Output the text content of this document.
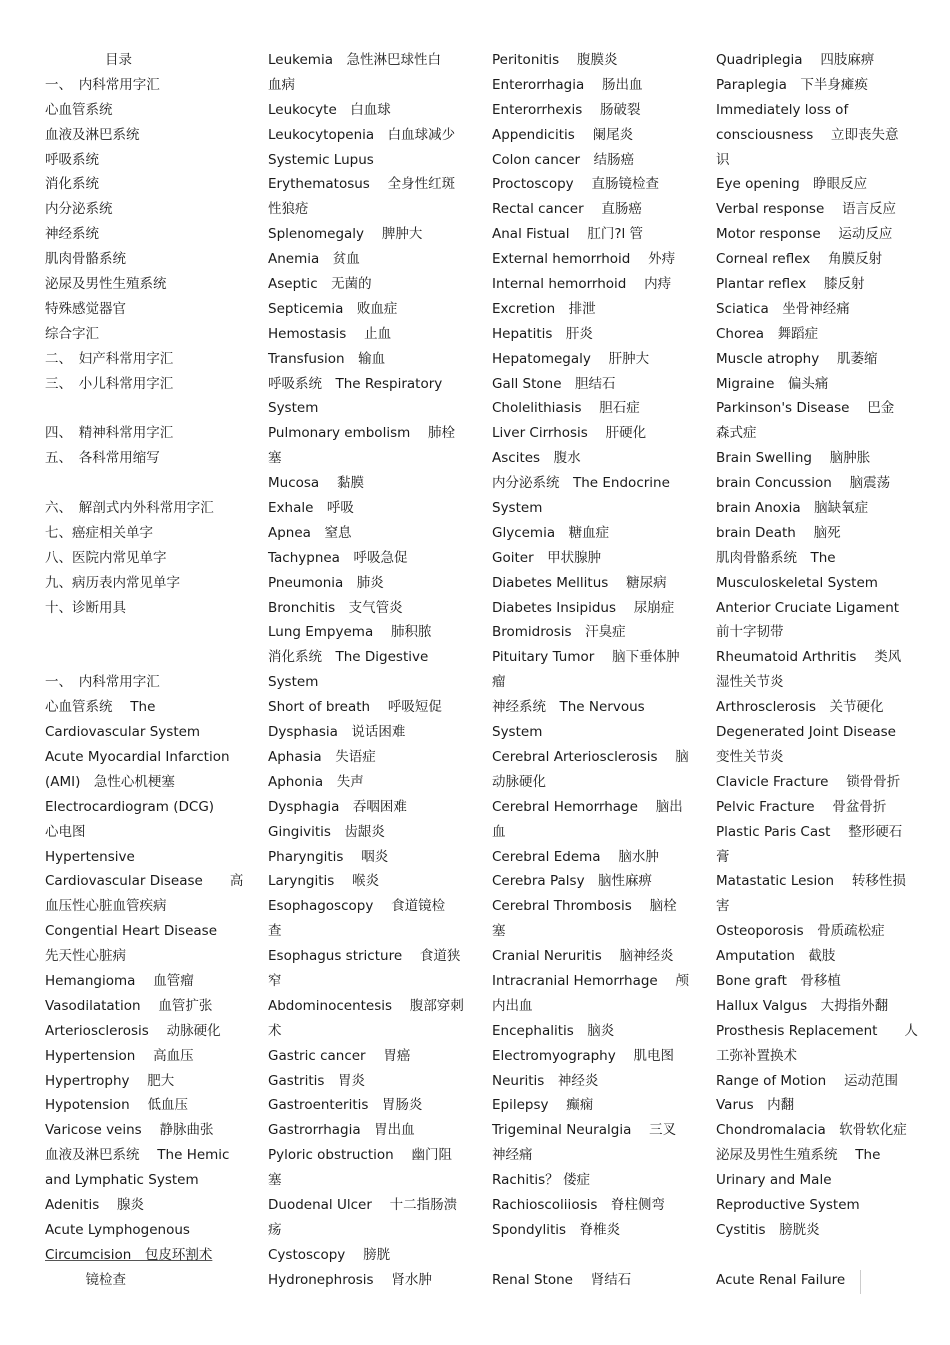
目录
一、　内科常用字汇
心血管系统
血液及淋巴系统
呼吸系统
消化系统
内分泌系统
神经系统
肌肉骨骼系统
泌尿及男性生殖系统
特殊感觉器官
综合字汇
二、　妇产科常用字汇
三、　小儿科常用字汇
四、　精神科常用字汇
五、　各科常用缩写
六、　解剖式内外科常用字汇
七、癌症相关单字
八、医院内常见单字
九、病历表内常见单字
十、诊断用具
一、　内科常用字汇
心血管系统　 The
Cardiovascular System
Acute Myocardial Infarction
(AMI)　急性心机梗塞
Electrocardiogram (DCG)
心电图
Hypertensive
Cardiovascular Disease　　高
血压性心脏血管疾病
Congential Heart Disease
先天性心脏病
Hemangioma　 血管瘤
Vasodilatation　 血管扩张
Arteriosclerosis　 动脉硬化
Hypertension　 高血压
Hypertrophy　 肥大
Hypotension　 低血压
Varicose veins　 静脉曲张
血液及淋巴系统　 The Hemic
and Lymphatic System
Adenitis　 腺炎
Acute Lymphogenous
Circumcision　包皮环割术
Leukemia　急性淋巴球性白
血病
Leukocyte　白血球
Leukocytopenia　白血球减少
Systemic Lupus
Erythematosus　 全身性红斑
性狼疮
Splenomegaly　 脾肿大
Anemia　贫血
Aseptic　无菌的
Septicemia　败血症
Hemostasis　 止血
Transfusion　输血
呼吸系统　The Respiratory
System
Pulmonary embolism　 肺栓
塞
Mucosa　 黏膜
Exhale　呼吸
Apnea　窒息
Tachypnea　呼吸急促
Pneumonia　肺炎
Bronchitis　支气管炎
Lung Empyema　 肺积脓
消化系统　The Digestive
System
Short of breath　 呼吸短促
Dysphasia　说话困难
Aphasia　失语症
Aphonia　失声
Dysphagia　吞咽困难
Gingivitis　齿龈炎
Pharyngitis　 咽炎
Laryngitis　 喉炎
Esophagoscopy　 食道镜检
查
Esophagus stricture　 食道狭
窄
Abdominocentesis　 腹部穿刺
术
Gastric cancer　 胃癌
Gastritis　胃炎
Gastroenteritis　胃肠炎
Gastrorrhagia　胃出血
Pyloric obstruction　 幽门阻
塞
Duodenal Ulcer　 十二指肠溃
疡
Cystoscopy　 膀胱
Peritonitis　 腹膜炎
Enterorrhagia　 肠出血
Enterorrhexis　 肠破裂
Appendicitis　 阑尾炎
Colon cancer　结肠癌
Proctoscopy　 直肠镜检查
Rectal cancer　 直肠癌
Anal Fistual　 肛门?l 管
External hemorrhoid　 外痔
Internal hemorrhoid　 内痔
Excretion　排泄
Hepatitis　肝炎
Hepatomegaly　 肝肿大
Gall Stone　胆结石
Cholelithiasis　 胆石症
Liver Cirrhosis　 肝硬化
Ascites　腹水
内分泌系统　The Endocrine
System
Glycemia　糖血症
Goiter　甲状腺肿
Diabetes Mellitus　 糖尿病
Diabetes Insipidus　 尿崩症
Bromidrosis　汗臭症
Pituitary Tumor　 脑下垂体肿
瘤
神经系统　The Nervous
System
Cerebral Arteriosclerosis　 脑
动脉硬化
Cerebral Hemorrhage　 脑出
血
Cerebral Edema　 脑水肿
Cerebra Palsy　脑性麻痹
Cerebral Thrombosis　 脑栓
塞
Cranial Neruritis　 脑神经炎
Intracranial Hemorrhage　 颅
内出血
Encephalitis　脑炎
Electromyography　 肌电图
Neuritis　神经炎
Epilepsy　 癫痫
Trigeminal Neuralgia　 三叉
神经痛
Rachitis？ 偻症
Rachioscoliiosis　脊柱侧弯
Spondylitis　脊椎炎
Quadriplegia　 四肢麻痹
Paraplegia　下半身瘫痪
Immediately loss of
consciousness　 立即丧失意
识
Eye opening　睁眼反应
Verbal response　 语言反应
Motor response　 运动反应
Corneal reflex　 角膜反射
Plantar reflex　 膝反射
Sciatica　坐骨神经痛
Chorea　舞蹈症
Muscle atrophy　 肌萎缩
Migraine　偏头痛
Parkinson's Disease　 巴金
森式症
Brain Swelling　 脑肿胀
brain Concussion　 脑震荡
brain Anoxia　脑缺氧症
brain Death　 脑死
肌肉骨骼系统　The
Musculoskeletal System
Anterior Cruciate Ligament
前十字韧带
Rheumatoid Arthritis　 类风
湿性关节炎
Arthrosclerosis　关节硬化
Degenerated Joint Disease
变性关节炎
Clavicle Fracture　 锁骨骨折
Pelvic Fracture　 骨盆骨折
Plastic Paris Cast　 整形硬石
膏
Matastatic Lesion　 转移性损
害
Osteoporosis　骨质疏松症
Amputation　截肢
Bone graft　骨移植
Hallux Valgus　大拇指外翻
Prosthesis Replacement　　人
工弥补置换术
Range of Motion　 运动范围
Varus　内翻
Chondromalacia　软骨软化症
泌尿及男性生殖系统　 The
Urinary and Male
Reproductive System
Cystitis　膀胱炎
　　　镜检查	Hydronephrosis　 肾水肿	Renal Stone　 肾结石	Acute Renal Failure
